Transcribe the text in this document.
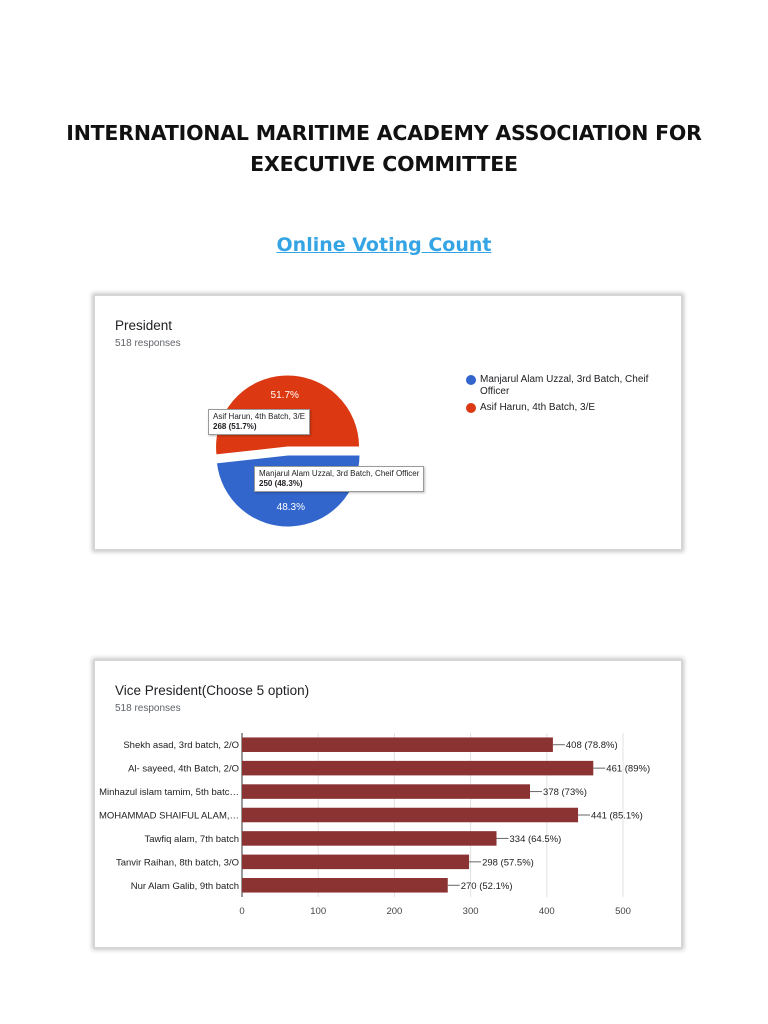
INTERNATIONAL MARITIME ACADEMY ASSOCIATION FOR
EXECUTIVE COMMITTEE
Online Voting Count
President
518 responses
48.3%
51.7%
Manjarul Alam Uzzal, 3rd Batch, Cheif Officer
Asif Harun, 4th Batch, 3/E
Asif Harun, 4th Batch, 3/E
268 (51.7%)
Manjarul Alam Uzzal, 3rd Batch, Cheif Officer
250 (48.3%)
Vice President(Choose 5 option)
518 responses
0	100	200	300	400	500
Shekh asad, 3rd batch, 2/O	408 (78.8%)
Al- sayeed, 4th Batch, 2/O	461 (89%)
Minhazul islam tamim, 5th batc…	378 (73%)
MOHAMMAD SHAIFUL ALAM,…	441 (85.1%)
Tawfiq alam, 7th batch	334 (64.5%)
Tanvir Raihan, 8th batch, 3/O	298 (57.5%)
Nur Alam Galib, 9th batch	270 (52.1%)
